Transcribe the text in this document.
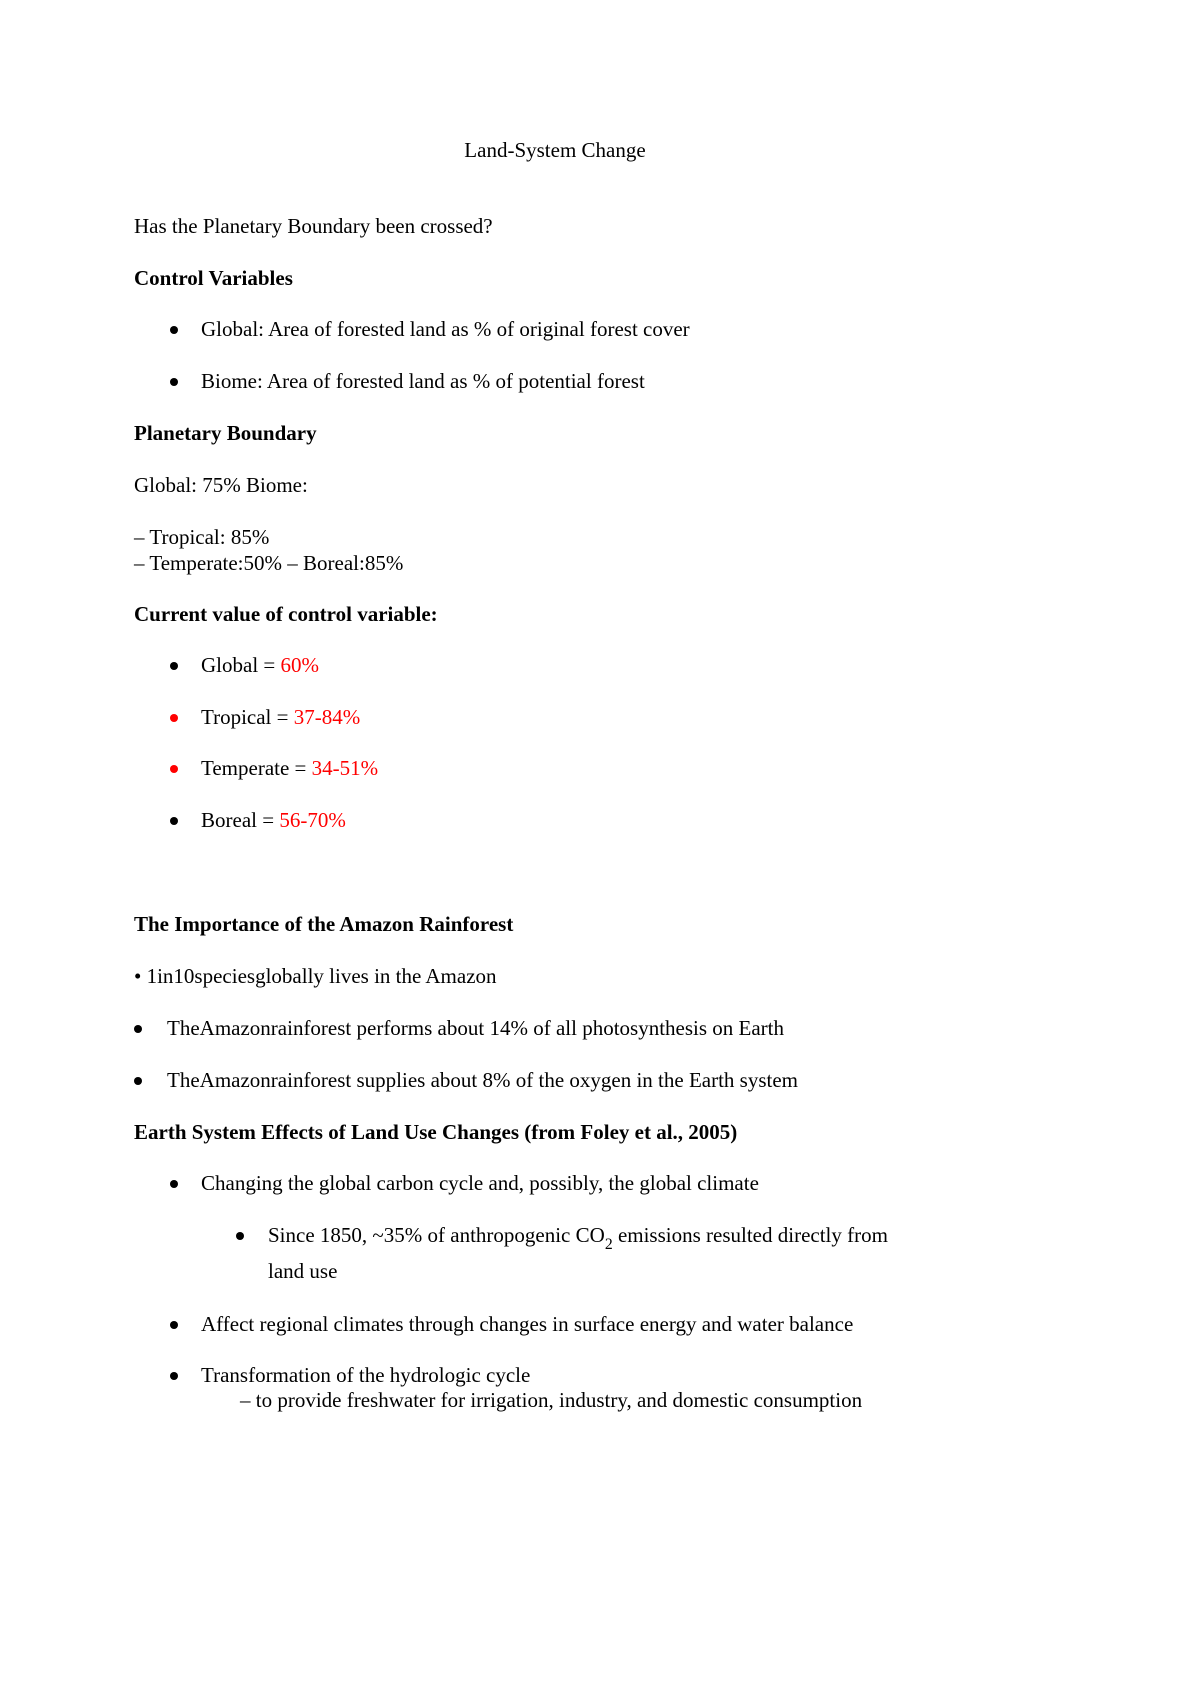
Land-System Change
Has the Planetary Boundary been crossed?
Control Variables
Global: Area of forested land as % of original forest cover
Biome: Area of forested land as % of potential forest
Planetary Boundary
Global: 75% Biome:
– Tropical: 85%
– Temperate:50% – Boreal:85%
Current value of control variable:
Global = 60%
Tropical = 37-84%
Temperate = 34-51%
Boreal = 56-70%
The Importance of the Amazon Rainforest
• 1in10speciesglobally lives in the Amazon
TheAmazonrainforest performs about 14% of all photosynthesis on Earth
TheAmazonrainforest supplies about 8% of the oxygen in the Earth system
Earth System Effects of Land Use Changes (from Foley et al., 2005)
Changing the global carbon cycle and, possibly, the global climate
Since 1850, ~35% of anthropogenic $CO_2$ emissions resulted directly from
land use
Affect regional climates through changes in surface energy and water balance
Transformation of the hydrologic cycle
– to provide freshwater for irrigation, industry, and domestic consumption
